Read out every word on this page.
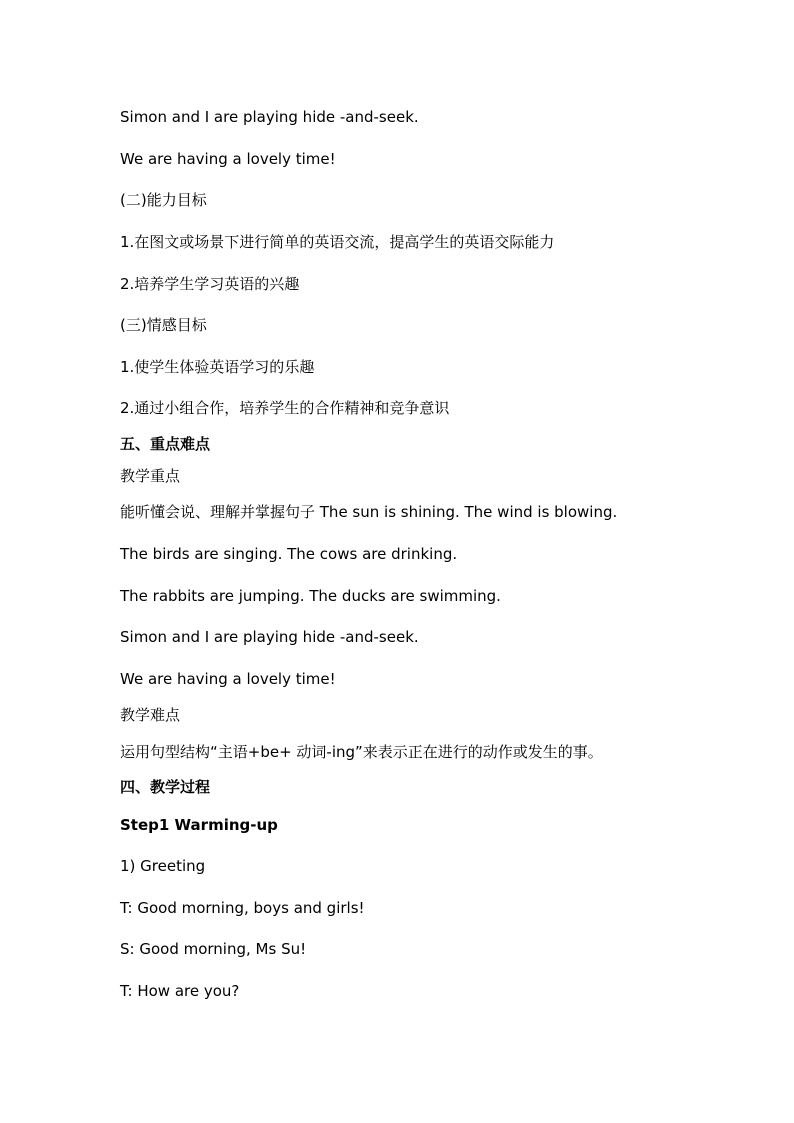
Simon and I are playing hide -and-seek.
We are having a lovely time!
(二)能力目标
1.在图文或场景下进行简单的英语交流，提高学生的英语交际能力
2.培养学生学习英语的兴趣
(三)情感目标
1.使学生体验英语学习的乐趣
2.通过小组合作，培养学生的合作精神和竞争意识
五、重点难点
教学重点
能听懂会说、理解并掌握句子 The sun is shining. The wind is blowing.
The birds are singing. The cows are drinking.
The rabbits are jumping. The ducks are swimming.
Simon and I are playing hide -and-seek.
We are having a lovely time!
教学难点
运用句型结构“主语+be+ 动词-ing”来表示正在进行的动作或发生的事。
四、教学过程
Step1 Warming-up
1) Greeting
T: Good morning, boys and girls!
S: Good morning, Ms Su!
T: How are you?
